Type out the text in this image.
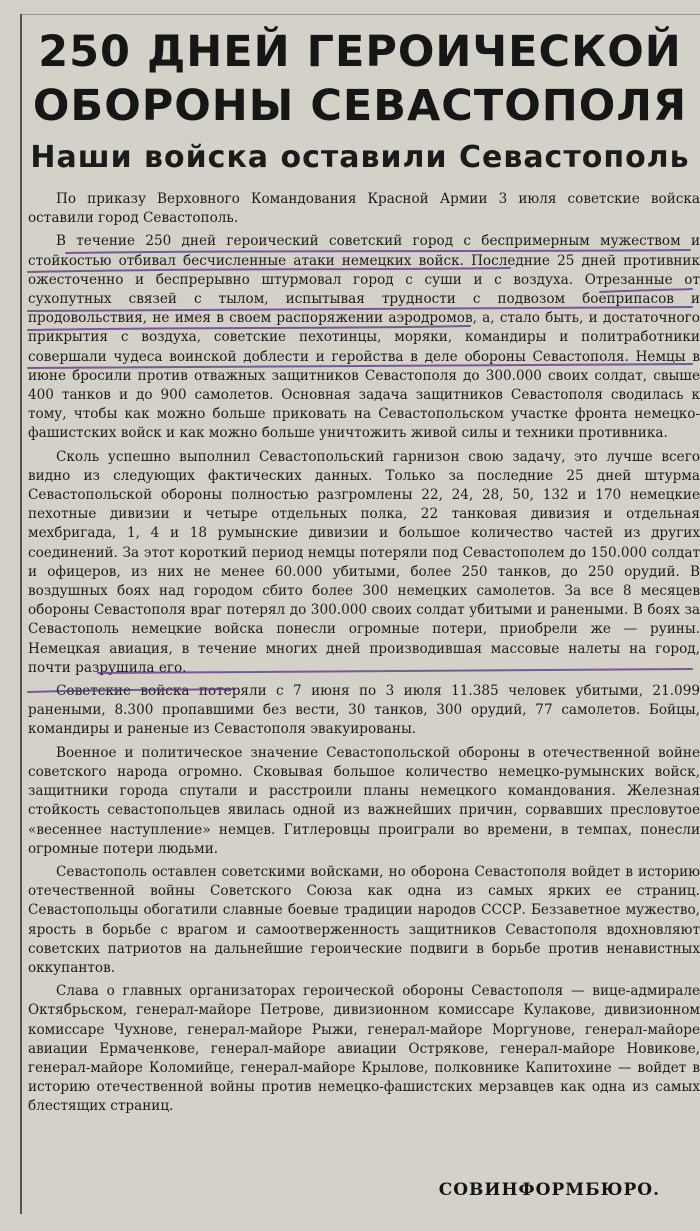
250 ДНЕЙ ГЕРОИЧЕСКОЙ
ОБОРОНЫ СЕВАСТОПОЛЯ
Наши войска оставили Севастополь

По приказу Верховного Командования Красной Армии 3 июля советские войска оставили город Севастополь.

В течение 250 дней героический советский город с беспримерным мужеством и стойкостью отбивал бесчисленные атаки немецких войск. Последние 25 дней противник ожесточенно и беспрерывно штурмовал город с суши и с воздуха. Отрезанные от сухопутных связей с тылом, испытывая трудности с подвозом боеприпасов и продовольствия, не имея в своем распоряжении аэродромов, а, стало быть, и достаточного прикрытия с воздуха, советские пехотинцы, моряки, командиры и политработники совершали чудеса воинской доблести и геройства в деле обороны Севастополя. Немцы в июне бросили против отважных защитников Севастополя до 300.000 своих солдат, свыше 400 танков и до 900 самолетов. Основная задача защитников Севастополя сводилась к тому, чтобы как можно больше приковать на Севастопольском участке фронта немецко-фашистских войск и как можно больше уничтожить живой силы и техники противника.

Сколь успешно выполнил Севастопольский гарнизон свою задачу, это лучше всего видно из следующих фактических данных. Только за последние 25 дней штурма Севастопольской обороны полностью разгромлены 22, 24, 28, 50, 132 и 170 немецкие пехотные дивизии и четыре отдельных полка, 22 танковая дивизия и отдельная мехбригада, 1, 4 и 18 румынские дивизии и большое количество частей из других соединений. За этот короткий период немцы потеряли под Севастополем до 150.000 солдат и офицеров, из них не менее 60.000 убитыми, более 250 танков, до 250 орудий. В воздушных боях над городом сбито более 300 немецких самолетов. За все 8 месяцев обороны Севастополя враг потерял до 300.000 своих солдат убитыми и ранеными. В боях за Севастополь немецкие войска понесли огромные потери, приобрели же — руины. Немецкая авиация, в течение многих дней производившая массовые налеты на город, почти разрушила его.

Советские войска потеряли с 7 июня по 3 июля 11.385 человек убитыми, 21.099 ранеными, 8.300 пропавшими без вести, 30 танков, 300 орудий, 77 самолетов. Бойцы, командиры и раненые из Севастополя эвакуированы.

Военное и политическое значение Севастопольской обороны в отечественной войне советского народа огромно. Сковывая большое количество немецко-румынских войск, защитники города спутали и расстроили планы немецкого командования. Железная стойкость севастопольцев явилась одной из важнейших причин, сорвавших пресловутое «весеннее наступление» немцев. Гитлеровцы проиграли во времени, в темпах, понесли огромные потери людьми.

Севастополь оставлен советскими войсками, но оборона Севастополя войдет в историю отечественной войны Советского Союза как одна из самых ярких ее страниц. Севастопольцы обогатили славные боевые традиции народов СССР. Беззаветное мужество, ярость в борьбе с врагом и самоотверженность защитников Севастополя вдохновляют советских патриотов на дальнейшие героические подвиги в борьбе против ненавистных оккупантов.

Слава о главных организаторах героической обороны Севастополя — вице-адмирале Октябрьском, генерал-майоре Петрове, дивизионном комиссаре Кулакове, дивизионном комиссаре Чухнове, генерал-майоре Рыжи, генерал-майоре Моргунове, генерал-майоре авиации Ермаченкове, генерал-майоре авиации Острякове, генерал-майоре Новикове, генерал-майоре Коломийце, генерал-майоре Крылове, полковнике Капитохине — войдет в историю отечественной войны против немецко-фашистских мерзавцев как одна из самых блестящих страниц.

СОВИНФОРМБЮРО.
